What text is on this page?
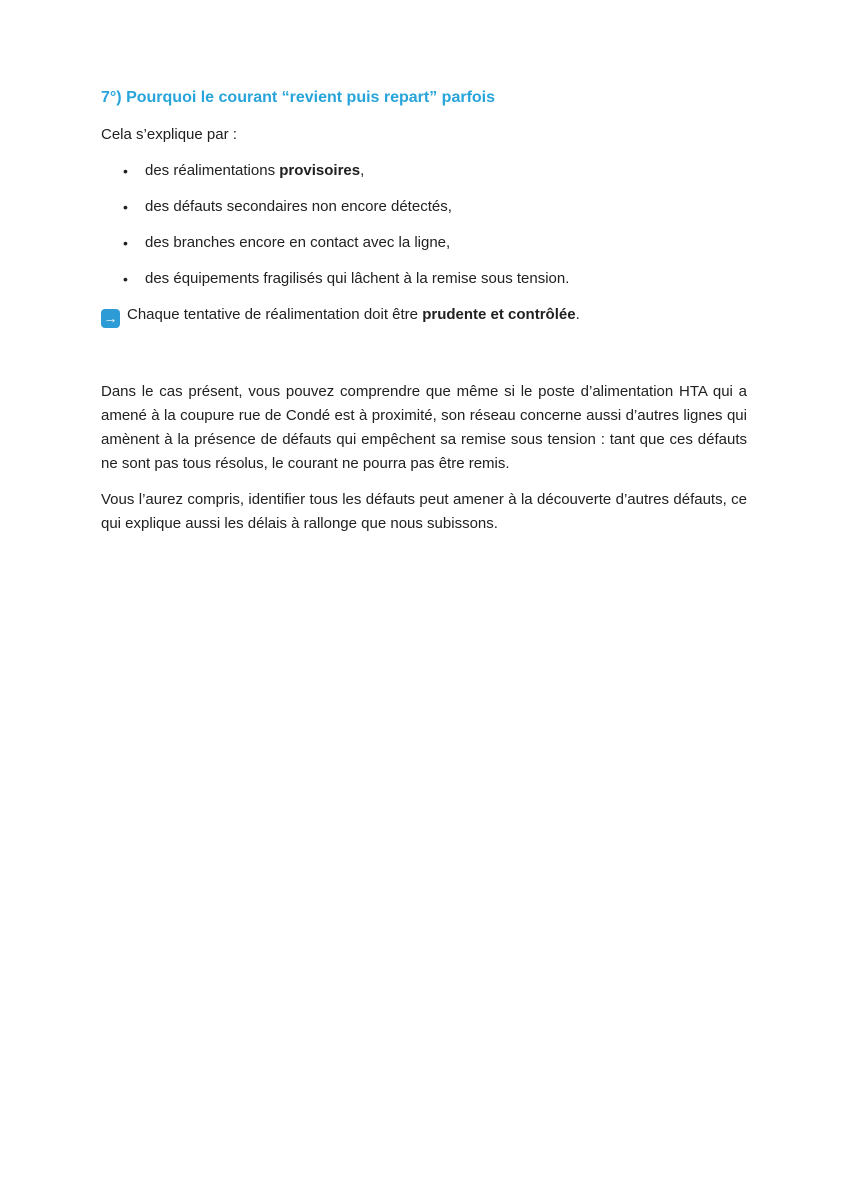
7°) Pourquoi le courant “revient puis repart” parfois

Cela s’explique par :

•	des réalimentations provisoires,
•	des défauts secondaires non encore détectés,
•	des branches encore en contact avec la ligne,
•	des équipements fragilisés qui lâchent à la remise sous tension.

→ Chaque tentative de réalimentation doit être prudente et contrôlée.

Dans le cas présent, vous pouvez comprendre que même si le poste d’alimentation HTA qui a amené à la coupure rue de Condé est à proximité, son réseau concerne aussi d’autres lignes qui amènent à la présence de défauts qui empêchent sa remise sous tension : tant que ces défauts ne sont pas tous résolus, le courant ne pourra pas être remis.

Vous l’aurez compris, identifier tous les défauts peut amener à la découverte d’autres défauts, ce qui explique aussi les délais à rallonge que nous subissons.
